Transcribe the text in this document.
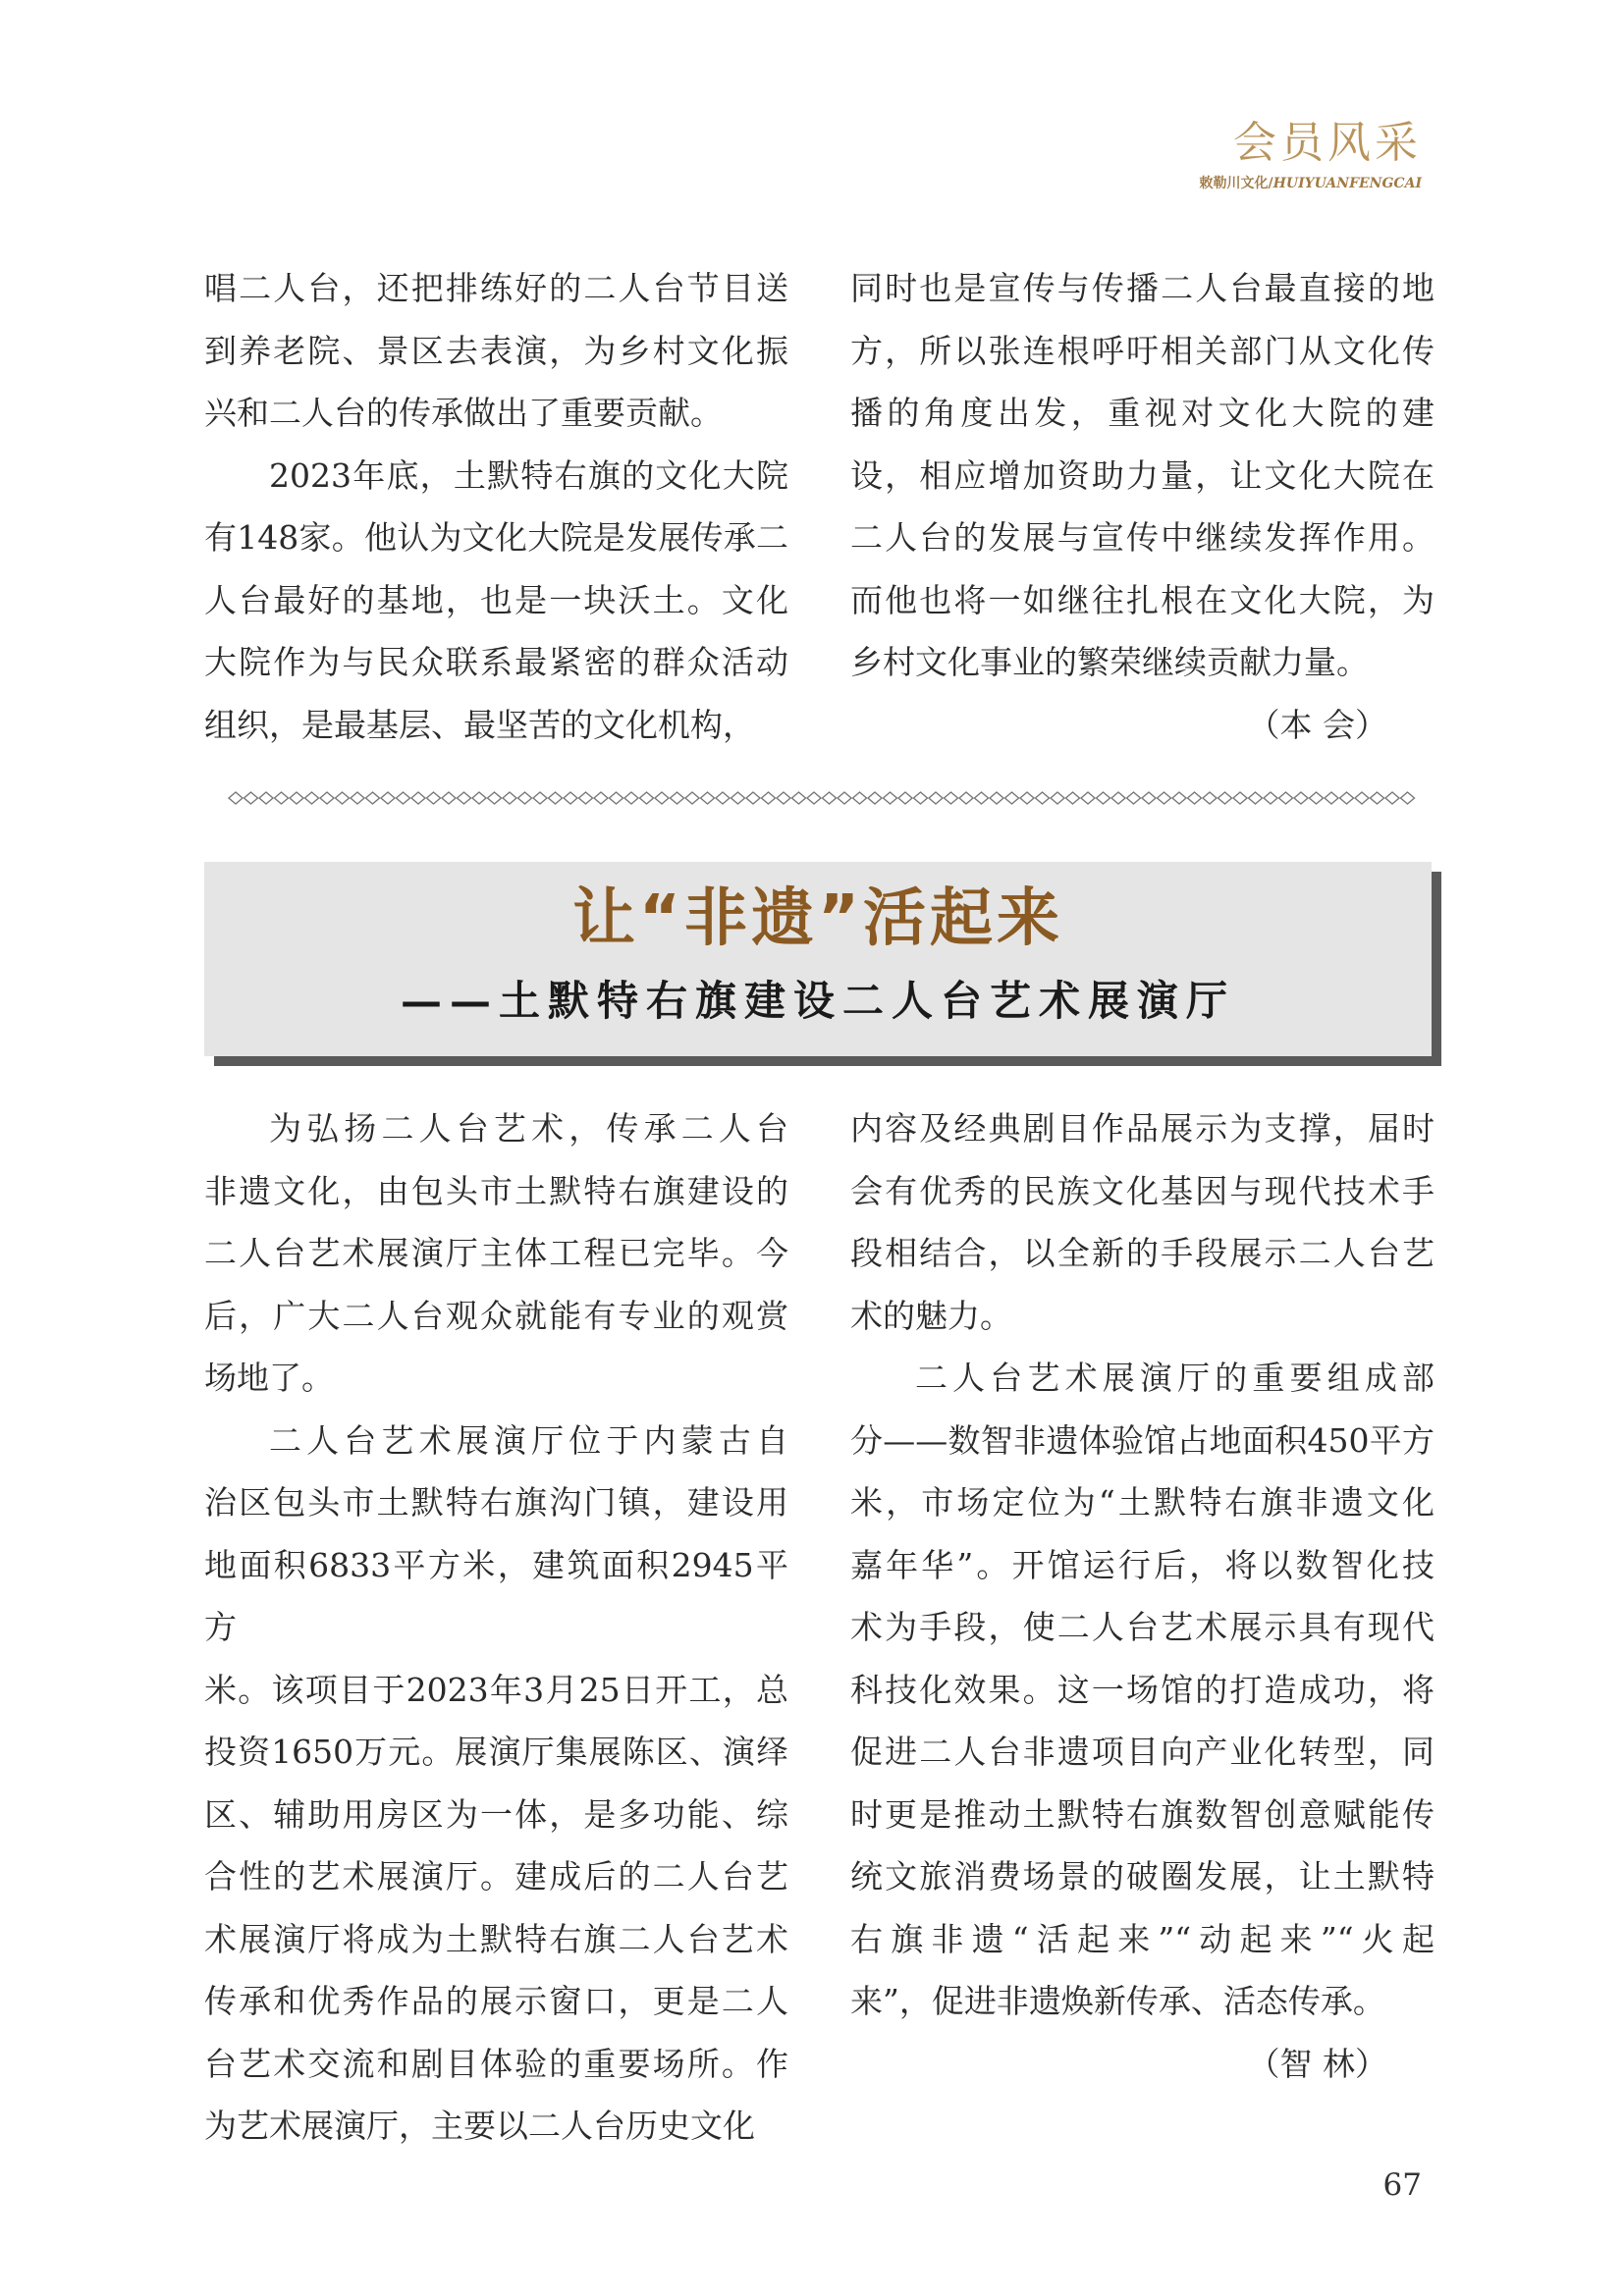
会员风采
敕勒川文化/HUIYUANFENGCAI

唱二人台，还把排练好的二人台节目送

到养老院、景区去表演，为乡村文化振

兴和二人台的传承做出了重要贡献。

2023年底，土默特右旗的文化大院

有148家。他认为文化大院是发展传承二

人台最好的基地，也是一块沃土。文化

大院作为与民众联系最紧密的群众活动

组织，是最基层、最坚苦的文化机构，

同时也是宣传与传播二人台最直接的地

方，所以张连根呼吁相关部门从文化传

播的角度出发，重视对文化大院的建

设，相应增加资助力量，让文化大院在

二人台的发展与宣传中继续发挥作用。

而他也将一如继往扎根在文化大院，为

乡村文化事业的繁荣继续贡献力量。

（本 会）

让“非遗”活起来
——土默特右旗建设二人台艺术展演厅

为弘扬二人台艺术，传承二人台

非遗文化，由包头市土默特右旗建设的

二人台艺术展演厅主体工程已完毕。今

后，广大二人台观众就能有专业的观赏

场地了。

二人台艺术展演厅位于内蒙古自

治区包头市土默特右旗沟门镇，建设用

地面积6833平方米，建筑面积2945平方

米。该项目于2023年3月25日开工，总

投资1650万元。展演厅集展陈区、演绎

区、辅助用房区为一体，是多功能、综

合性的艺术展演厅。建成后的二人台艺

术展演厅将成为土默特右旗二人台艺术

传承和优秀作品的展示窗口，更是二人

台艺术交流和剧目体验的重要场所。作

为艺术展演厅，主要以二人台历史文化

内容及经典剧目作品展示为支撑，届时

会有优秀的民族文化基因与现代技术手

段相结合，以全新的手段展示二人台艺

术的魅力。

二人台艺术展演厅的重要组成部

分——数智非遗体验馆占地面积450平方

米，市场定位为“土默特右旗非遗文化

嘉年华”。开馆运行后，将以数智化技

术为手段，使二人台艺术展示具有现代

科技化效果。这一场馆的打造成功，将

促进二人台非遗项目向产业化转型，同

时更是推动土默特右旗数智创意赋能传

统文旅消费场景的破圈发展，让土默特

右旗非遗“活起来”“动起来”“火起

来”，促进非遗焕新传承、活态传承。

（智 林）

67
